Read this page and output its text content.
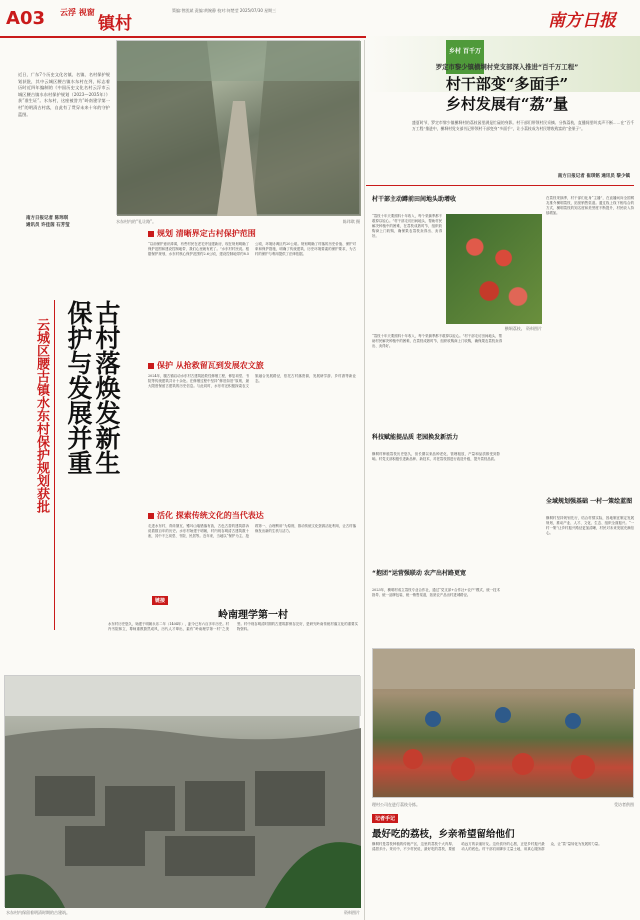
A03 云浮 视窗
镇村
策编:曾凯斌 责编:黄婉静 校对:何楚莹 2025/07/30 星期三
南方日报
近日，广东7个历史文化名镇、名镇、名村保护规划获批，其中云城区腰古镇水东村在列，标志着历时近四年编制的《中国历史文化名村云浮市云城区腰古镇水东村保护规划（2023—2035年）》获“准生证”。水东村，这座被誉为“岭南建学第一村”的明清古村落，自此有了贯穿未来十年的守护蓝图。
南方日报记者 陈玮琪
通讯员 许佳茵 石芳莹
水东村内的“礼让路”。	陈玮琪 摄
乡村 百千万
罗定市黎少镇横垌村党支部深入推进“百千万工程”
村干部变“多面手”
乡村发展有“荔”量
盛夏时节，罗定市黎少镇横垌村的荔枝园里满是忙碌的身影。村干部们带领村民采摘、分拣荔枝，直播间里叫卖声不断……在“百千万工程”推进中，横垌村党支部书记带领村干部变身“多面手”，让小荔枝成为村民增收致富的“金果子”。
南方日报记者 崔琪铭 通讯员 黎少镇
古村落焕发新生
保护与发展并重
云城区腰古镇水东村保护规划获批
规划 清晰界定古村保护范围
“以前保护意识薄弱，有些村民在老宅旁加建新房，现在规划明确了保护范围和建设控制地带，我们心里就有底了。”水东村村民说。根据保护规划，水东村核心保护范围约2.6公顷，建设控制地带约8.5公顷，环境协调区约20公顷。规划明确了村落的历史价值、保护对象和保护措施，明确了传统建筑、历史环境要素的保护要求，为古村的保护与利用提供了法律依据。
保护 从抢救留瓦到发展农文旅
2024年，腰古镇启动水东村古建筑抢救性修缮工程，修复祠堂、书院等传统建筑共计十余处。在修缮过程中坚持“修旧如旧”原则，最大限度保留古建筑的历史信息。与此同时，水东村还积极探索农文旅融合发展路径，依托古村落资源，发展研学游、乡村游等新业态。
活化 探索传统文化的当代表达
走进水东村，青砖黛瓦、镬耳山墙错落有致，古色古香的建筑群诉说着数百年的历史。水东村始建于明朝，村内现存明清古建筑数十座，其中不乏祠堂、书院、民居等。近年来，当地以“保护为主、抢救第一、合理利用”为原则，推动传统文化资源活化利用，让古村落焕发出新的生机与活力。
链接
岭南理学第一村
水东村历史悠久，始建于明朝永乐二年（1404年），距今已有六百多年历史。村内书院林立，尊师重教蔚然成风，历代人才辈出，素有“岭南理学第一村”之美誉。村中现存明清时期的古建筑群保存完好，是研究岭南传统村落文化的重要实物资料。
水东村内保留着明清时期的古建筑。	资料图片
村干部主动蹲前田间地头助增收
“荔枝十年天要照料十年收入，每个采摘季都不敢掉以轻心。”村干部走访田间地头，帮助村民解决种植中的困难，在荔枝成熟时节，组织收购商上门收购，确保果农荔枝卖得出、卖得好。
横垌荔枝。 资料图片
“荔枝十年天要照料十年收入，每个采摘季都不敢掉以轻心。”村干部走访田间地头，帮助村民解决种植中的困难，在荔枝成熟时节，组织收购商上门收购，确保果农荔枝卖得出、卖得好。
科技赋能提品质 老园换发新活力
横垌村种植荔枝历史悠久，但长期以来品种老化、管理粗放，产量和品质都受到影响。村党支部积极引进新品种、新技术，对老荔枝园进行改造升级，提升荔枝品质。
“抱团”运营强联动 农产出村路更宽
2023年，横垌村成立荔枝专业合作社，通过“党支部+合作社+农户”模式，统一技术指导、统一品牌包装、统一销售渠道，拓宽农产品出村进城路径。
在荔枝采摘季，村干部们化身“主播”，在直播间向全国网友推介横垌荔枝，拓宽销售渠道。通过线上线下相结合的方式，横垌荔枝的知名度和美誉度不断提升，村民收入持续增加。
全域规划强基础 一村一策绘蓝图
横垌村坚持规划先行，结合村情实际，因地制宜制定发展规划，推动产业、人才、文化、生态、组织全面振兴。“一村一策”让乡村振兴路径更加清晰，村民对未来发展充满信心。
理村公司在进行荔枝分拣。	受访者供图
记者手记
最好吃的荔枝，乡亲希望留给他们
横垌村是荔枝种植的传统产区，这里的荔枝个大肉厚、清甜多汁。采访中，不少村民说，最好吃的荔枝，要留给远方的亲朋好友。这份质朴的心愿，正是乡村振兴最动人的底色。村干部们用脚步丈量土地，用真心服务群众，让“荔”量转化为发展的力量。
